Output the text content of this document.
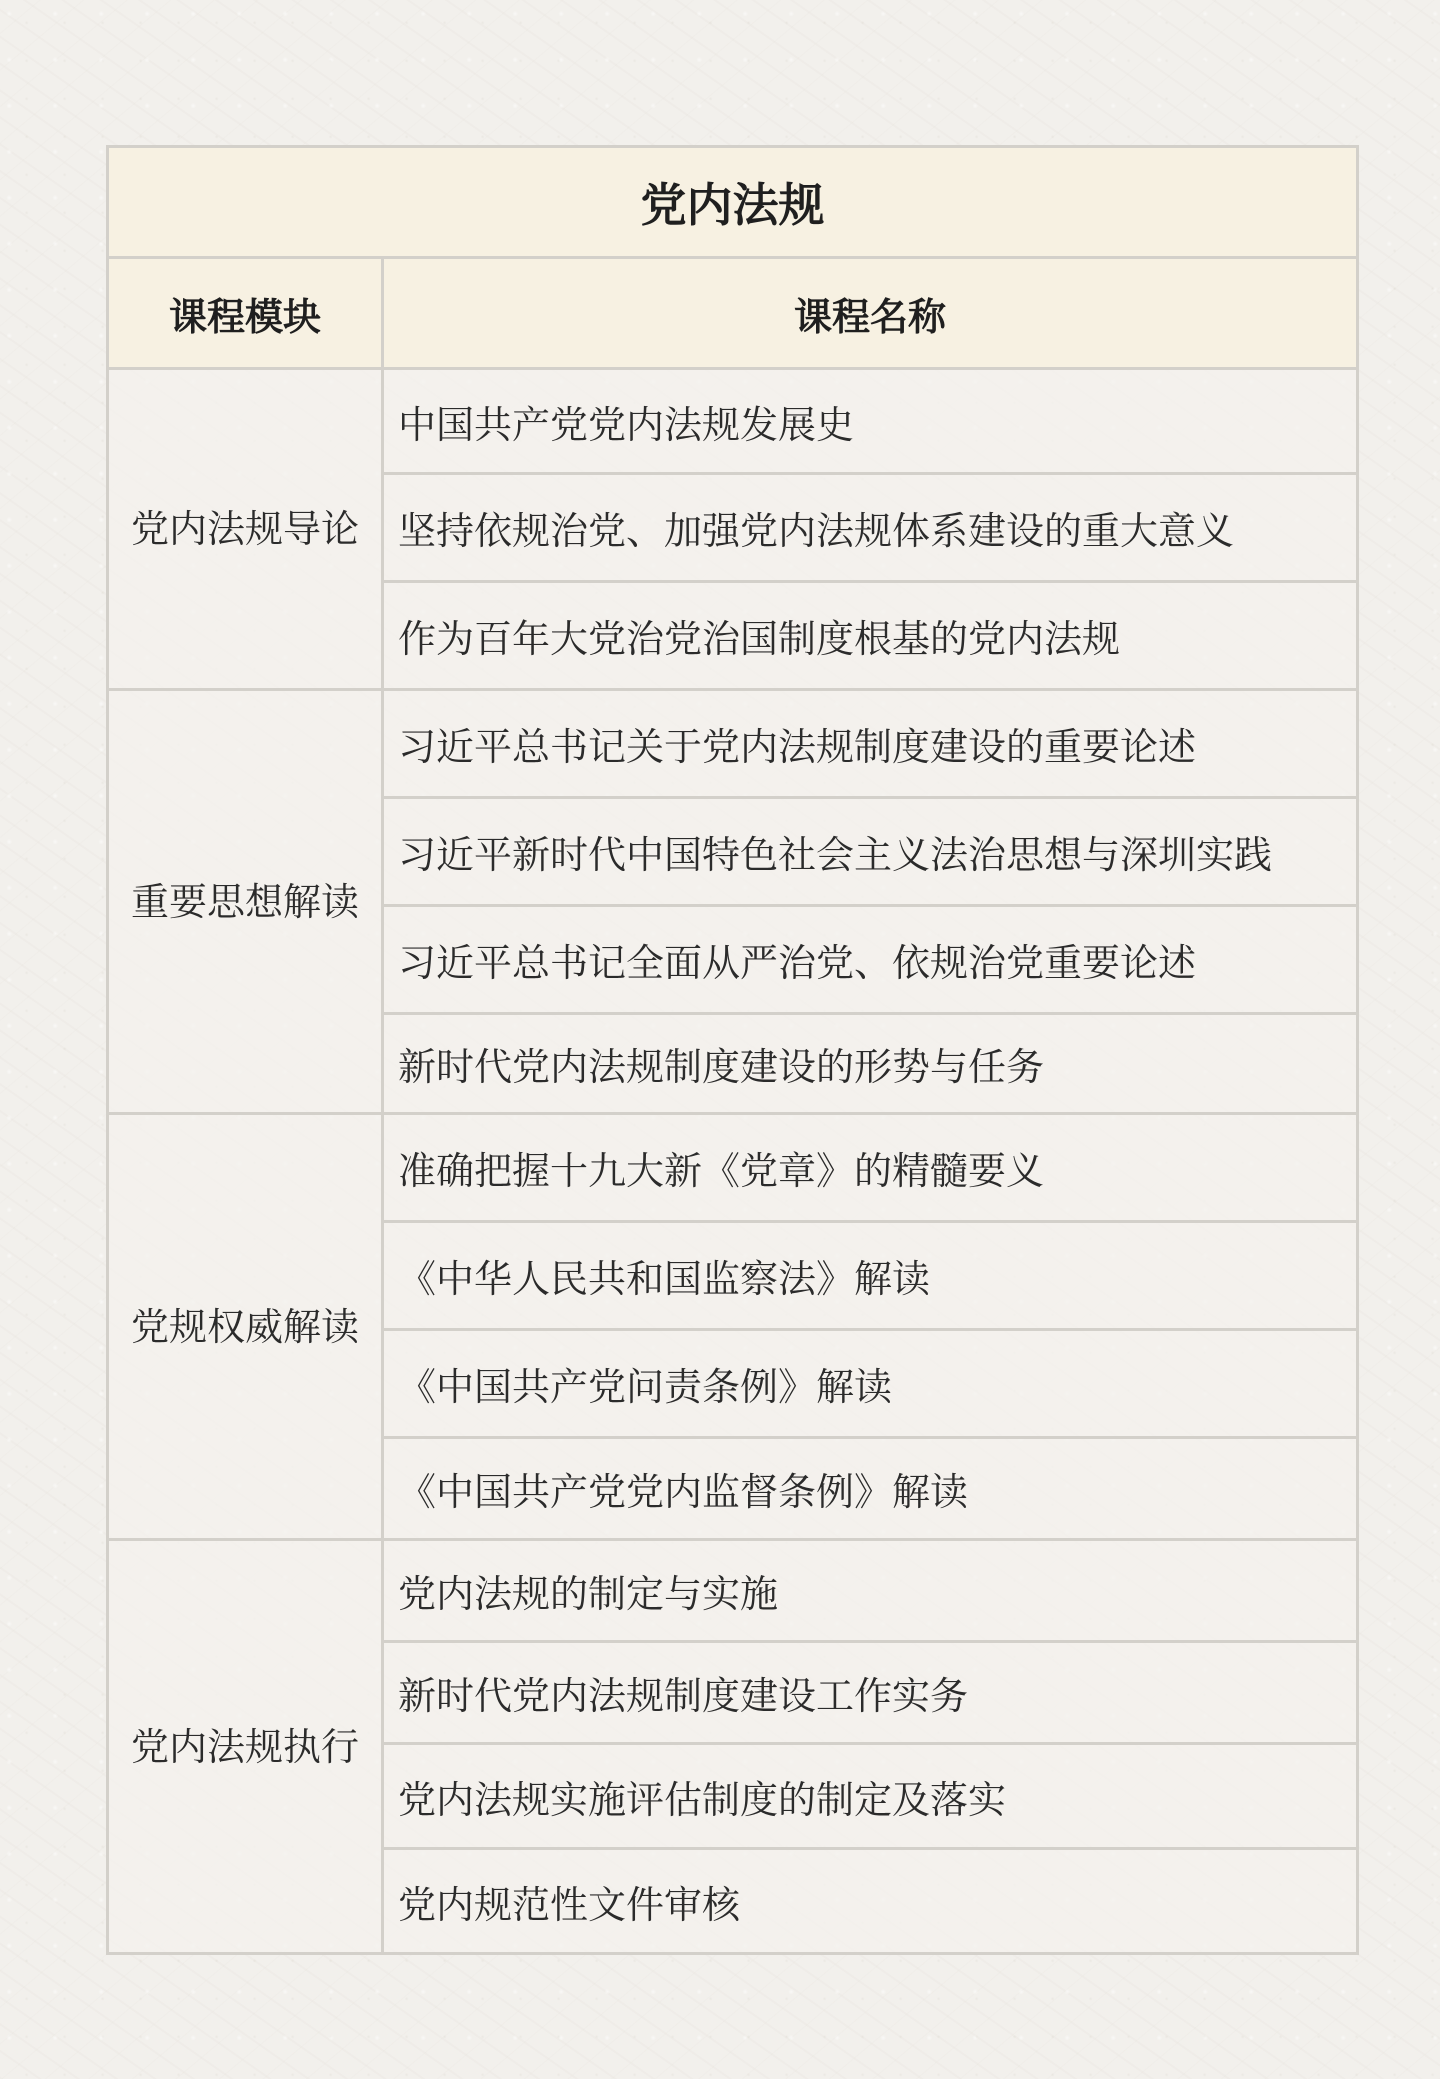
党内法规	
课程模块	课程名称
党内法规导论	中国共产党党内法规发展史
	坚持依规治党、加强党内法规体系建设的重大意义
	作为百年大党治党治国制度根基的党内法规
重要思想解读	习近平总书记关于党内法规制度建设的重要论述
	习近平新时代中国特色社会主义法治思想与深圳实践
	习近平总书记全面从严治党、依规治党重要论述
	新时代党内法规制度建设的形势与任务
党规权威解读	准确把握十九大新《党章》的精髓要义
	《中华人民共和国监察法》解读
	《中国共产党问责条例》解读
	《中国共产党党内监督条例》解读
党内法规执行	党内法规的制定与实施
	新时代党内法规制度建设工作实务
	党内法规实施评估制度的制定及落实
	党内规范性文件审核
